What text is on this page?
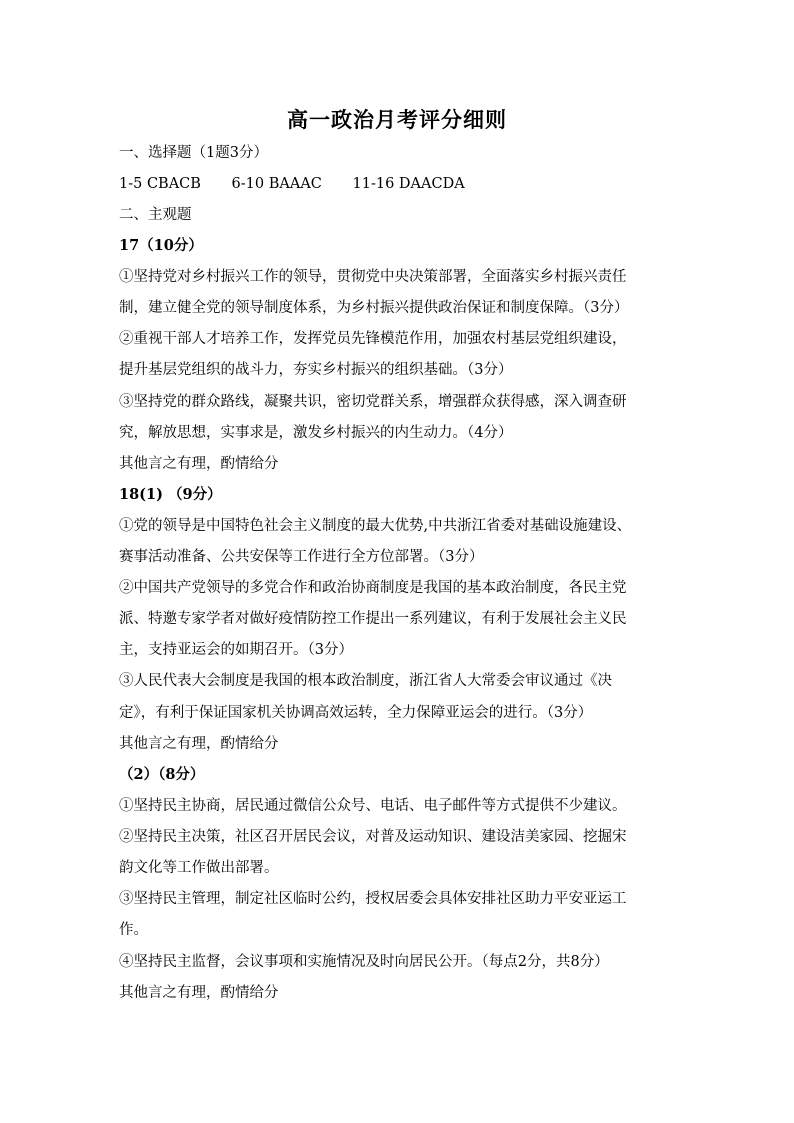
高一政治月考评分细则
一、选择题（1题3分）
1-5 CBACB 6-10 BAAAC 11-16 DAACDA
二、主观题
17（10分）
①坚持党对乡村振兴工作的领导，贯彻党中央决策部署，全面落实乡村振兴责任
制，建立健全党的领导制度体系，为乡村振兴提供政治保证和制度保障。（3分）
②重视干部人才培养工作，发挥党员先锋模范作用，加强农村基层党组织建设，
提升基层党组织的战斗力，夯实乡村振兴的组织基础。（3分）
③坚持党的群众路线，凝聚共识，密切党群关系，增强群众获得感，深入调查研
究，解放思想，实事求是，激发乡村振兴的内生动力。（4分）
其他言之有理，酌情给分
18(1) （9分）
①党的领导是中国特色社会主义制度的最大优势,中共浙江省委对基础设施建设、
赛事活动准备、公共安保等工作进行全方位部署。（3分）
②中国共产党领导的多党合作和政治协商制度是我国的基本政治制度，各民主党
派、特邀专家学者对做好疫情防控工作提出一系列建议，有利于发展社会主义民
主，支持亚运会的如期召开。（3分）
③人民代表大会制度是我国的根本政治制度，浙江省人大常委会审议通过《决
定》，有利于保证国家机关协调高效运转，全力保障亚运会的进行。（3分）
其他言之有理，酌情给分
（2）（8分）
①坚持民主协商，居民通过微信公众号、电话、电子邮件等方式提供不少建议。
②坚持民主决策，社区召开居民会议，对普及运动知识、建设洁美家园、挖掘宋
韵文化等工作做出部署。
③坚持民主管理，制定社区临时公约，授权居委会具体安排社区助力平安亚运工
作。
④坚持民主监督，会议事项和实施情况及时向居民公开。（每点2分，共8分）
其他言之有理，酌情给分
